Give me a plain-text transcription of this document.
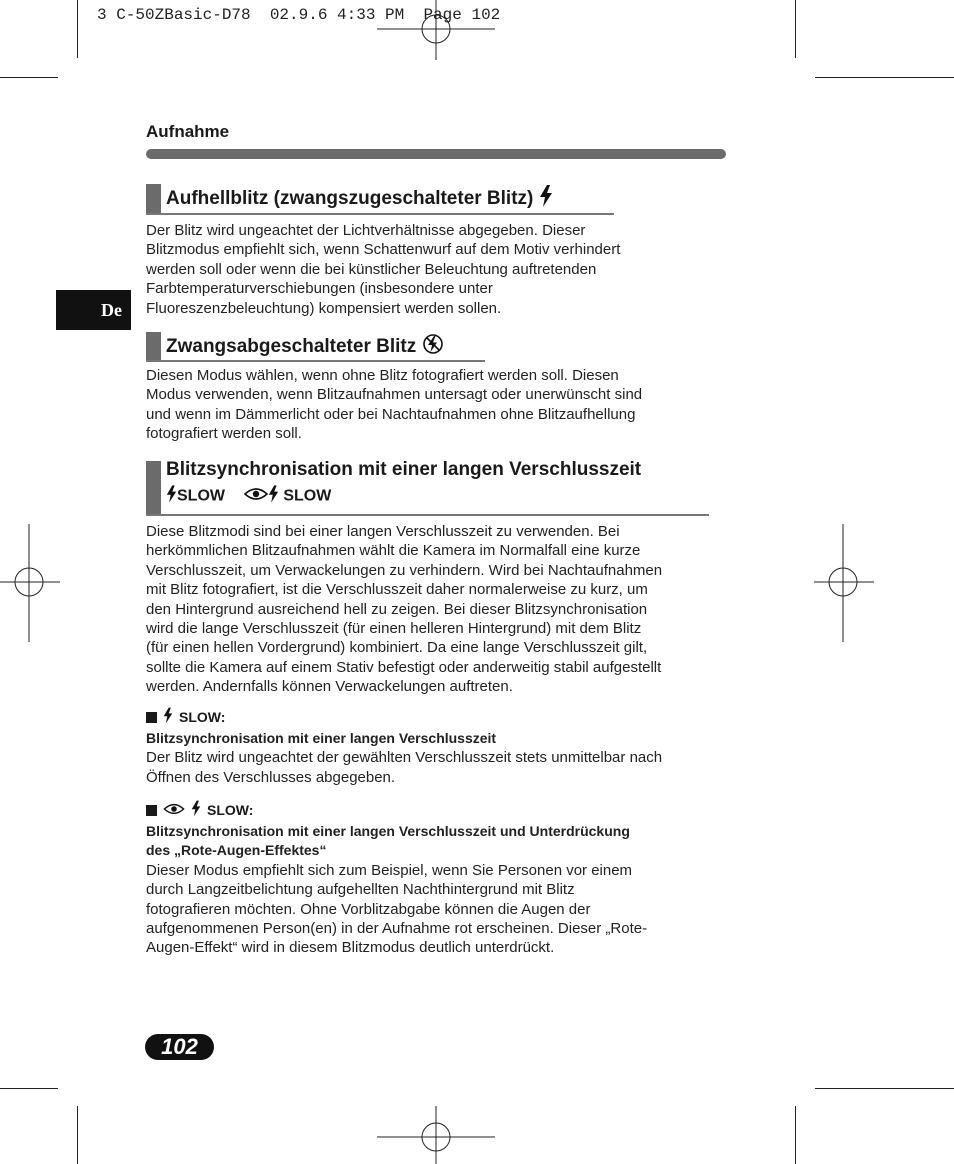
3 C-50ZBasic-D78  02.9.6 4:33 PM  Page 102
Aufnahme
De
Aufhellblitz (zwangszugeschalteter Blitz)
Der Blitz wird ungeachtet der Lichtverhältnisse abgegeben. Dieser
Blitzmodus empfiehlt sich, wenn Schattenwurf auf dem Motiv verhindert
werden soll oder wenn die bei künstlicher Beleuchtung auftretenden
Farbtemperaturverschiebungen (insbesondere unter
Fluoreszenzbeleuchtung) kompensiert werden sollen.
Zwangsabgeschalteter Blitz
Diesen Modus wählen, wenn ohne Blitz fotografiert werden soll. Diesen
Modus verwenden, wenn Blitzaufnahmen untersagt oder unerwünscht sind
und wenn im Dämmerlicht oder bei Nachtaufnahmen ohne Blitzaufhellung
fotografiert werden soll.
Blitzsynchronisation mit einer langen Verschlusszeit
SLOW	SLOW
Diese Blitzmodi sind bei einer langen Verschlusszeit zu verwenden. Bei
herkömmlichen Blitzaufnahmen wählt die Kamera im Normalfall eine kurze
Verschlusszeit, um Verwackelungen zu verhindern. Wird bei Nachtaufnahmen
mit Blitz fotografiert, ist die Verschlusszeit daher normalerweise zu kurz, um
den Hintergrund ausreichend hell zu zeigen. Bei dieser Blitzsynchronisation
wird die lange Verschlusszeit (für einen helleren Hintergrund) mit dem Blitz
(für einen hellen Vordergrund) kombiniert. Da eine lange Verschlusszeit gilt,
sollte die Kamera auf einem Stativ befestigt oder anderweitig stabil aufgestellt
werden. Andernfalls können Verwackelungen auftreten.
SLOW:
Blitzsynchronisation mit einer langen Verschlusszeit
Der Blitz wird ungeachtet der gewählten Verschlusszeit stets unmittelbar nach
Öffnen des Verschlusses abgegeben.
SLOW:
Blitzsynchronisation mit einer langen Verschlusszeit und Unterdrückung
des „Rote-Augen-Effektes“
Dieser Modus empfiehlt sich zum Beispiel, wenn Sie Personen vor einem
durch Langzeitbelichtung aufgehellten Nachthintergrund mit Blitz
fotografieren möchten. Ohne Vorblitzabgabe können die Augen der
aufgenommenen Person(en) in der Aufnahme rot erscheinen. Dieser „Rote-
Augen-Effekt“ wird in diesem Blitzmodus deutlich unterdrückt.
102
